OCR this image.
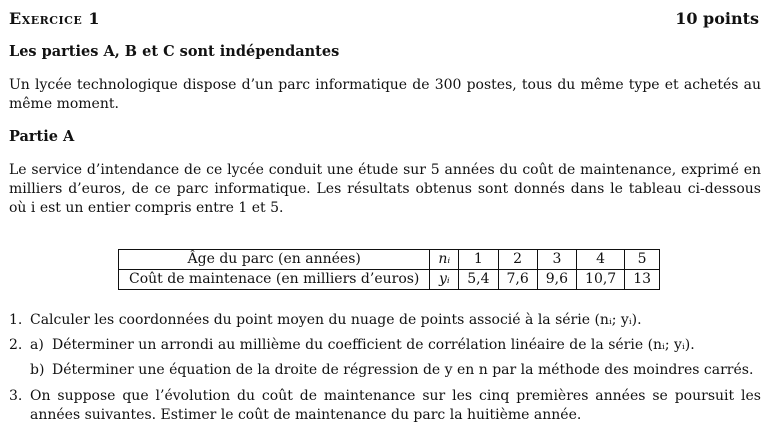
Exercice 1	10 points
Les parties A, B et C sont indépendantes
Un lycée technologique dispose d’un parc informatique de 300 postes, tous du même type et achetés au même moment.
Partie A
Le service d’intendance de ce lycée conduit une étude sur 5 années du coût de maintenance, exprimé en milliers d’euros, de ce parc informatique. Les résultats obtenus sont donnés dans le tableau ci-dessous où i est un entier compris entre 1 et 5.
Âge du parc (en années)	nᵢ	1	2	3	4	5
Coût de maintenace (en milliers d’euros)	yᵢ	5,4	7,6	9,6	10,7	13
1. Calculer les coordonnées du point moyen du nuage de points associé à la série (nᵢ; yᵢ).
2. a) Déterminer un arrondi au millième du coefficient de corrélation linéaire de la série (nᵢ; yᵢ).
b) Déterminer une équation de la droite de régression de y en n par la méthode des moindres carrés.
3. On suppose que l’évolution du coût de maintenance sur les cinq premières années se poursuit les années suivantes. Estimer le coût de maintenance du parc la huitième année.
